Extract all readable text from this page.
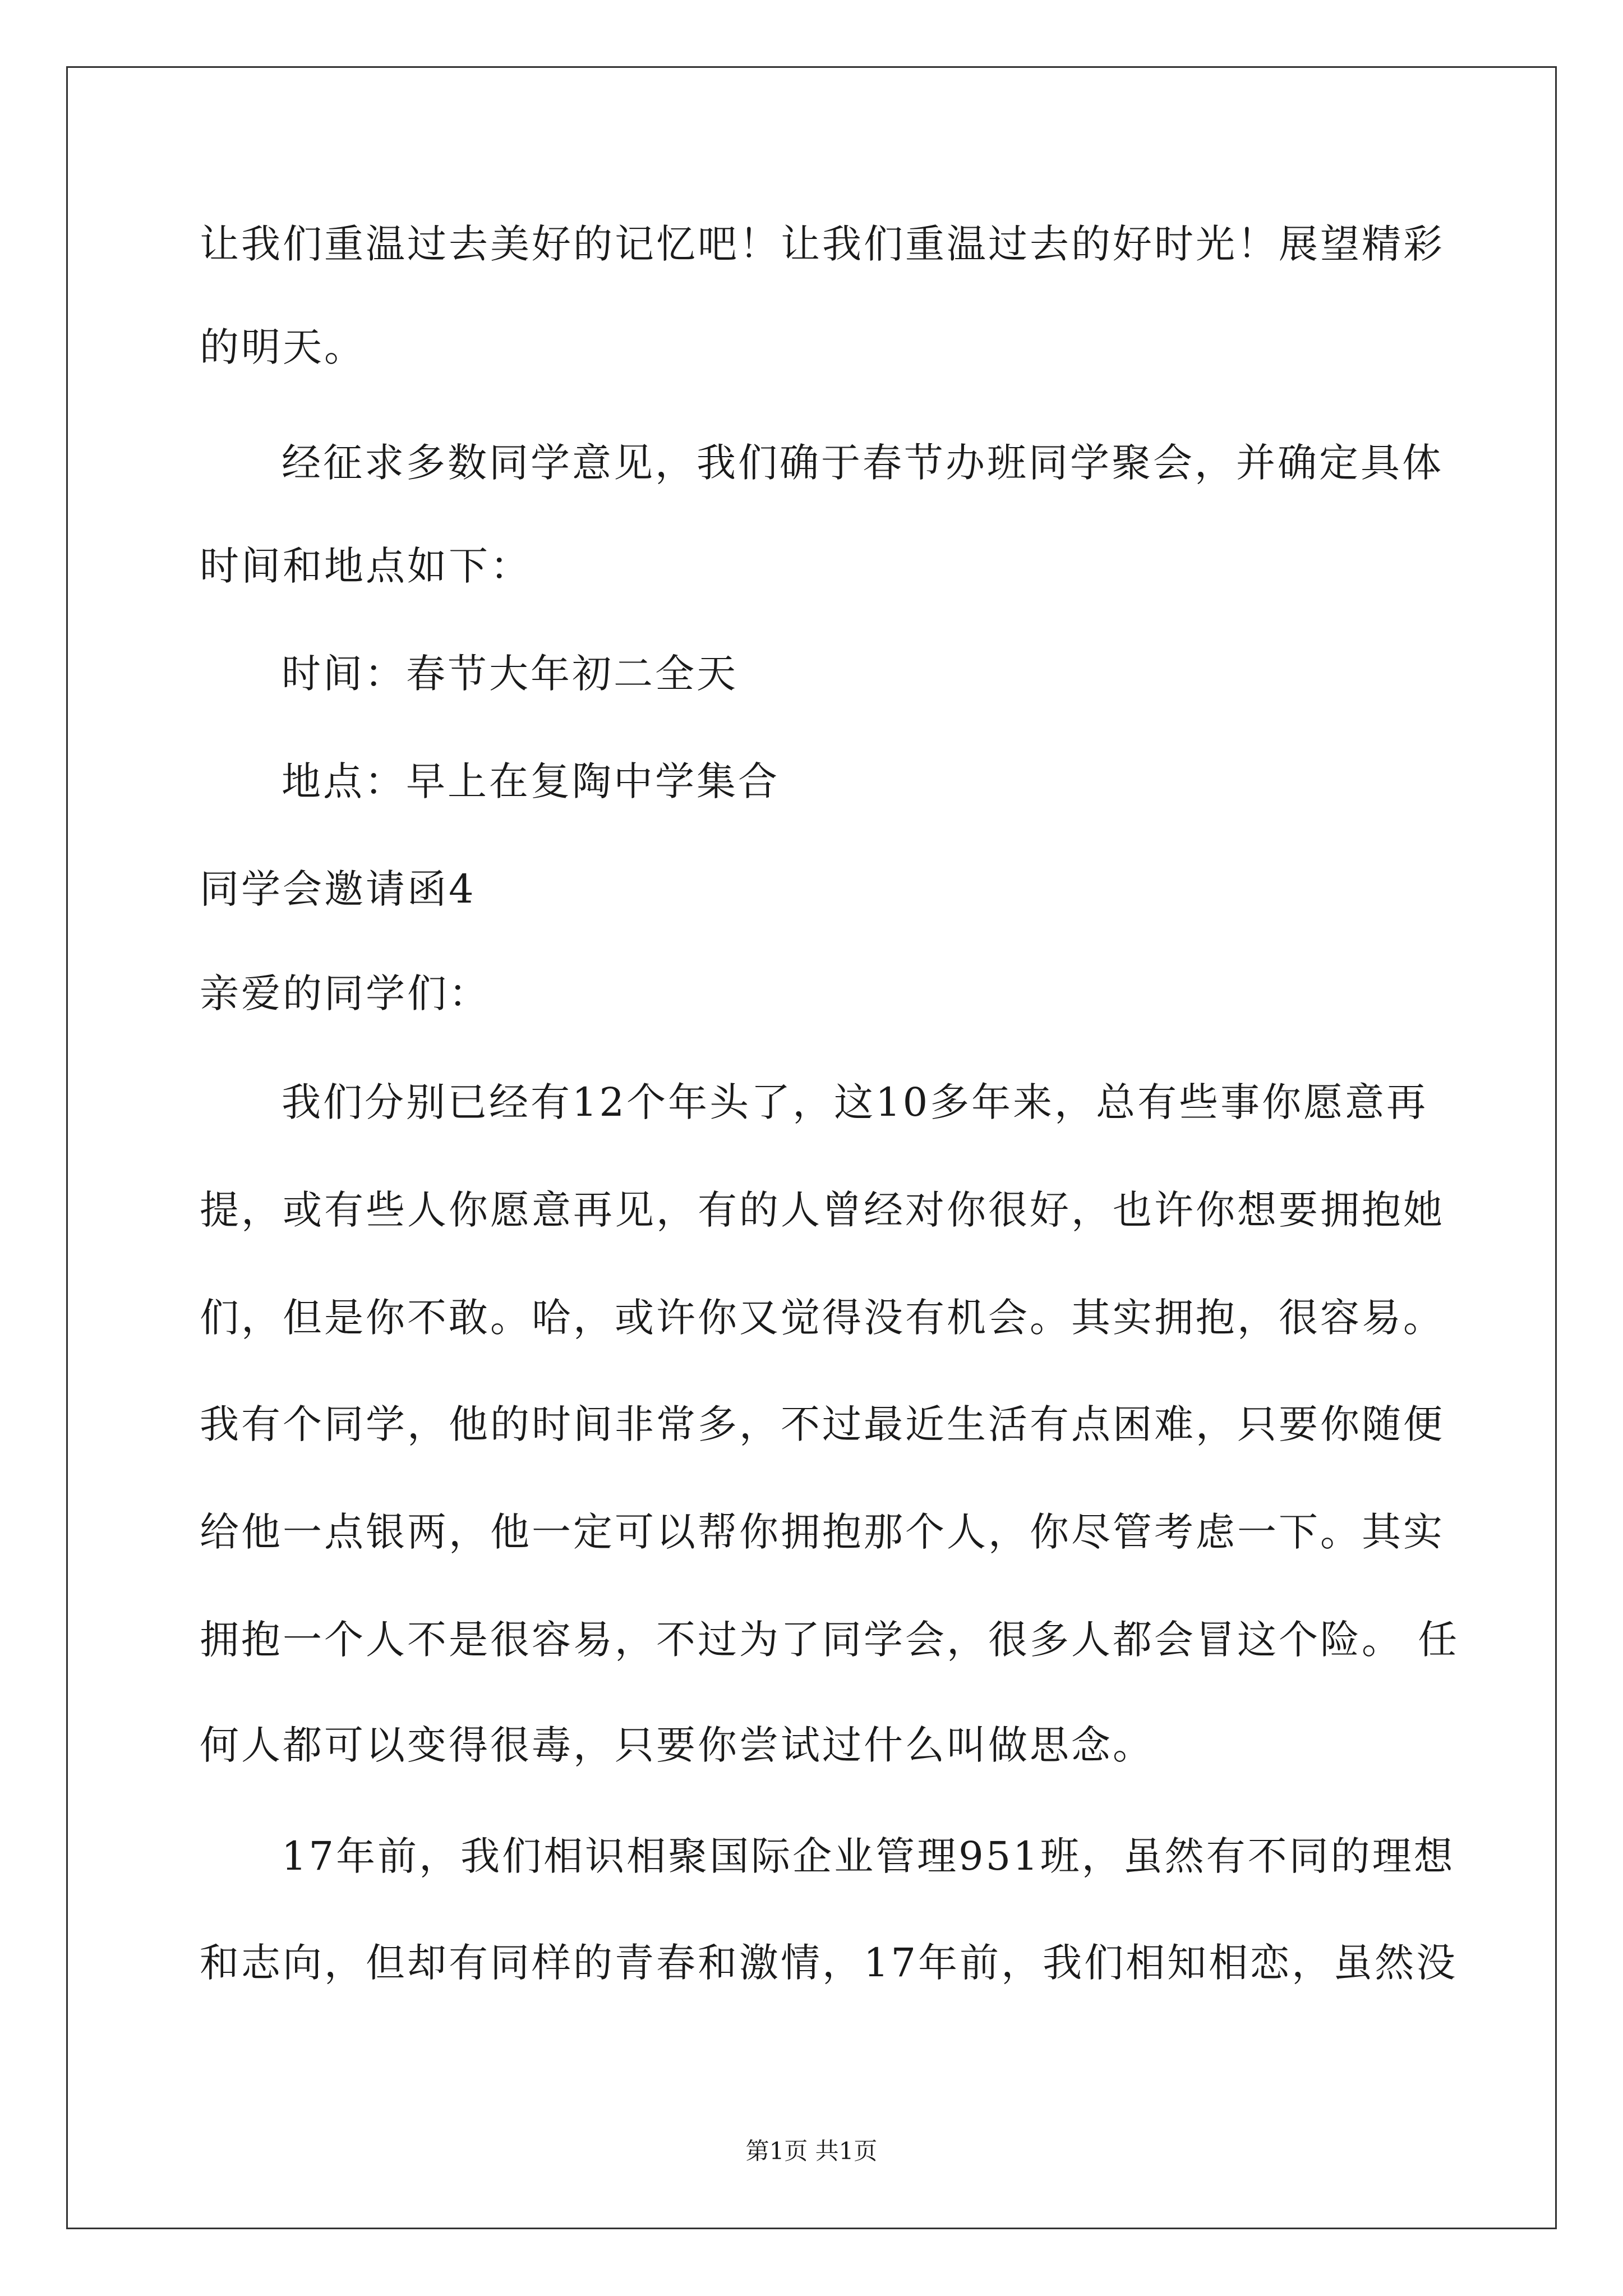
让我们重温过去美好的记忆吧！让我们重温过去的好时光！展望精彩
的明天。
经征求多数同学意见，我们确于春节办班同学聚会，并确定具体
时间和地点如下：
时间：春节大年初二全天
地点：早上在复陶中学集合
同学会邀请函4
亲爱的同学们：
我们分别已经有12个年头了，这10多年来，总有些事你愿意再
提，或有些人你愿意再见，有的人曾经对你很好，也许你想要拥抱她
们，但是你不敢。哈，或许你又觉得没有机会。其实拥抱，很容易。
我有个同学，他的时间非常多，不过最近生活有点困难，只要你随便
给他一点银两，他一定可以帮你拥抱那个人，你尽管考虑一下。其实
拥抱一个人不是很容易，不过为了同学会，很多人都会冒这个险。 任
何人都可以变得很毒，只要你尝试过什么叫做思念。
17年前，我们相识相聚国际企业管理951班，虽然有不同的理想
和志向，但却有同样的青春和激情，17年前，我们相知相恋，虽然没
第1页 共1页
